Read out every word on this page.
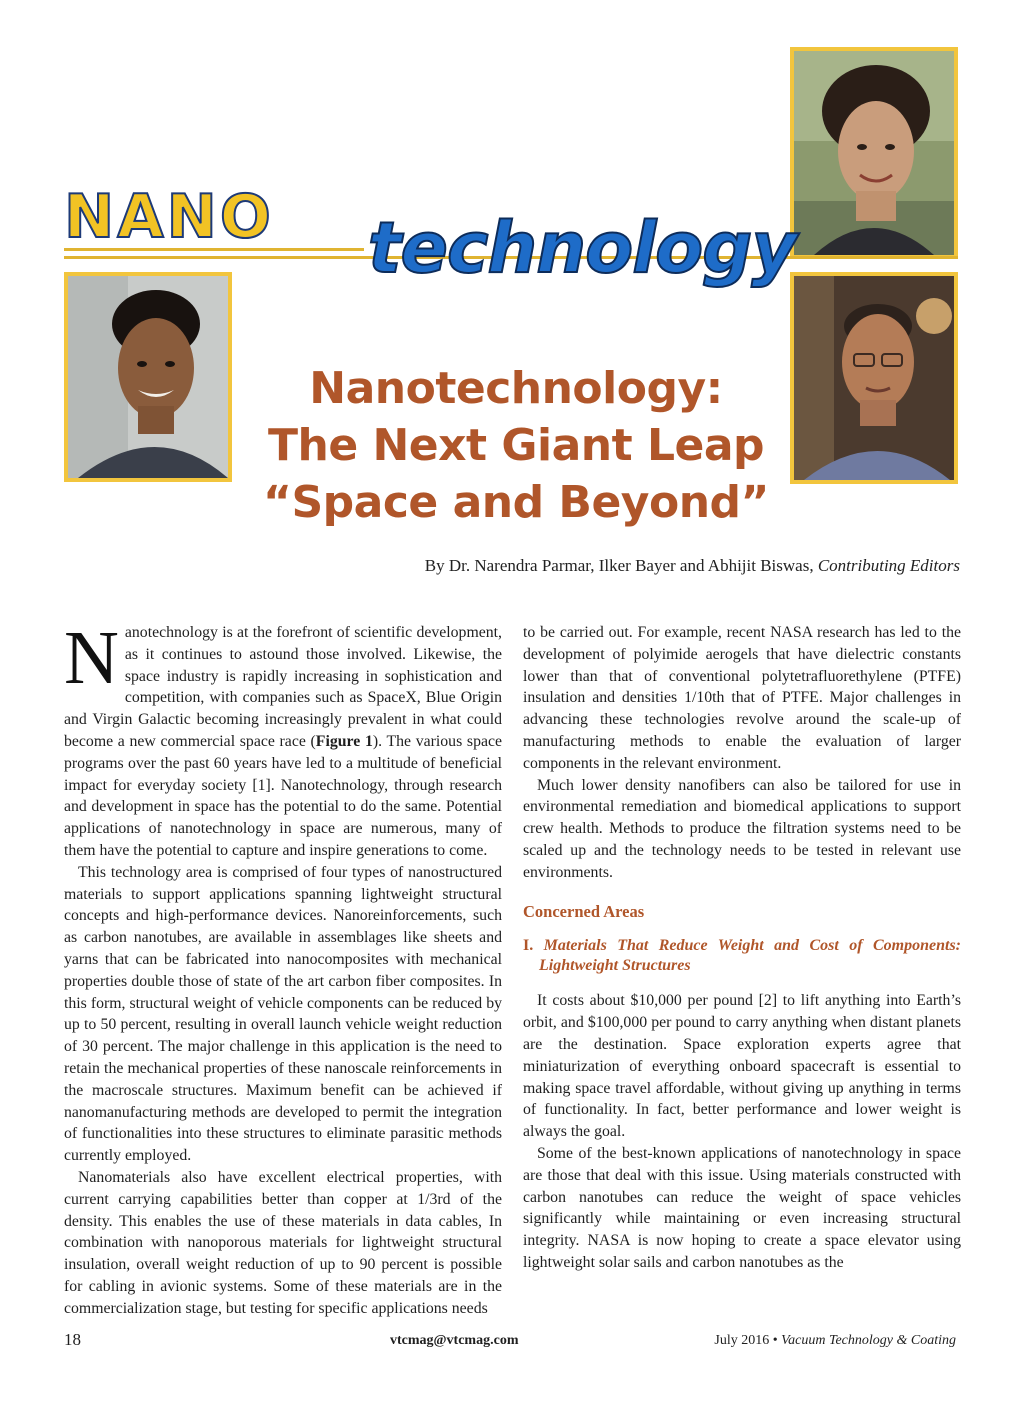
NANO technology
Nanotechnology:
The Next Giant Leap
“Space and Beyond”
By Dr. Narendra Parmar, Ilker Bayer and Abhijit Biswas, Contributing Editors

Nanotechnology is at the forefront of scientific development, as it continues to astound those involved. Likewise, the space industry is rapidly increasing in sophistication and competition, with companies such as SpaceX, Blue Origin and Virgin Galactic becoming increasingly prevalent in what could become a new commercial space race (Figure 1). The various space programs over the past 60 years have led to a multitude of beneficial impact for everyday society [1]. Nanotechnology, through research and development in space has the potential to do the same. Potential applications of nanotechnology in space are numerous, many of them have the potential to capture and inspire generations to come.

This technology area is comprised of four types of nanostructured materials to support applications spanning lightweight structural concepts and high-performance devices. Nanoreinforcements, such as carbon nanotubes, are available in assemblages like sheets and yarns that can be fabricated into nanocomposites with mechanical properties double those of state of the art carbon fiber composites. In this form, structural weight of vehicle components can be reduced by up to 50 percent, resulting in overall launch vehicle weight reduction of 30 percent. The major challenge in this application is the need to retain the mechanical properties of these nanoscale reinforcements in the macroscale structures. Maximum benefit can be achieved if nanomanufacturing methods are developed to permit the integration of functionalities into these structures to eliminate parasitic methods currently employed.

Nanomaterials also have excellent electrical properties, with current carrying capabilities better than copper at 1/3rd of the density. This enables the use of these materials in data cables, In combination with nanoporous materials for lightweight structural insulation, overall weight reduction of up to 90 percent is possible for cabling in avionic systems. Some of these materials are in the commercialization stage, but testing for specific applications needs

to be carried out. For example, recent NASA research has led to the development of polyimide aerogels that have dielectric constants lower than that of conventional polytetrafluorethylene (PTFE) insulation and densities 1/10th that of PTFE. Major challenges in advancing these technologies revolve around the scale-up of manufacturing methods to enable the evaluation of larger components in the relevant environment.

Much lower density nanofibers can also be tailored for use in environmental remediation and biomedical applications to support crew health. Methods to produce the filtration systems need to be scaled up and the technology needs to be tested in relevant use environments.

Concerned Areas
I. Materials That Reduce Weight and Cost of Components: Lightweight Structures

It costs about $10,000 per pound [2] to lift anything into Earth’s orbit, and $100,000 per pound to carry anything when distant planets are the destination. Space exploration experts agree that miniaturization of everything onboard spacecraft is essential to making space travel affordable, without giving up anything in terms of functionality. In fact, better performance and lower weight is always the goal.

Some of the best-known applications of nanotechnology in space are those that deal with this issue. Using materials constructed with carbon nanotubes can reduce the weight of space vehicles significantly while maintaining or even increasing structural integrity. NASA is now hoping to create a space elevator using lightweight solar sails and carbon nanotubes as the

18	vtcmag@vtcmag.com	July 2016 • Vacuum Technology & Coating
